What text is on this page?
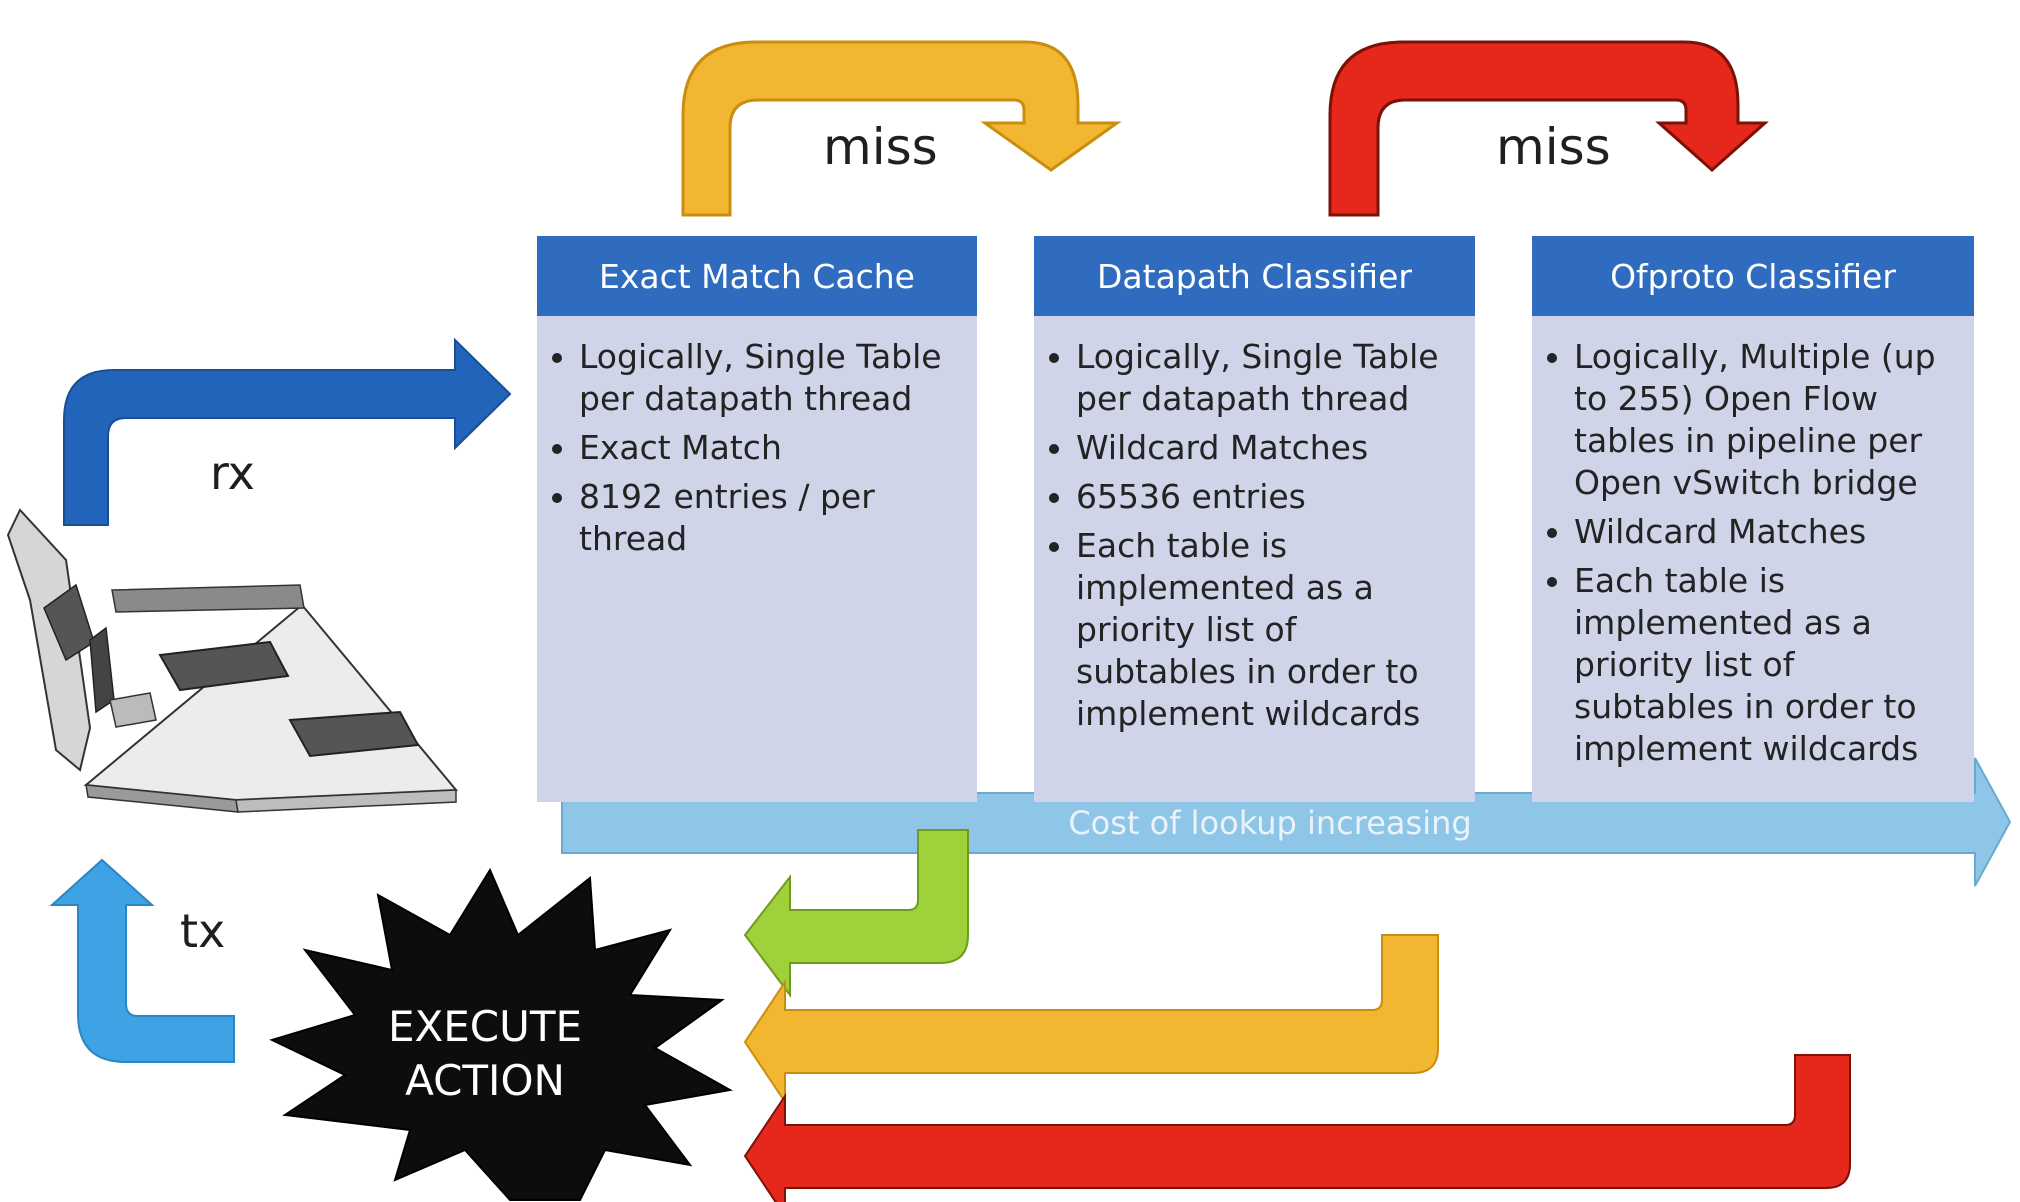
miss	miss
rx
tx
Exact Match Cache
• Logically, Single Table per datapath thread
• Exact Match
• 8192 entries / per thread
Datapath Classifier
• Logically, Single Table per datapath thread
• Wildcard Matches
• 65536 entries
• Each table is implemented as a priority list of subtables in order to implement wildcards
Ofproto Classifier
• Logically, Multiple (up to 255) Open Flow tables in pipeline per Open vSwitch bridge
• Wildcard Matches
• Each table is implemented as a priority list of subtables in order to implement wildcards
Cost of lookup increasing
EXECUTE ACTION
